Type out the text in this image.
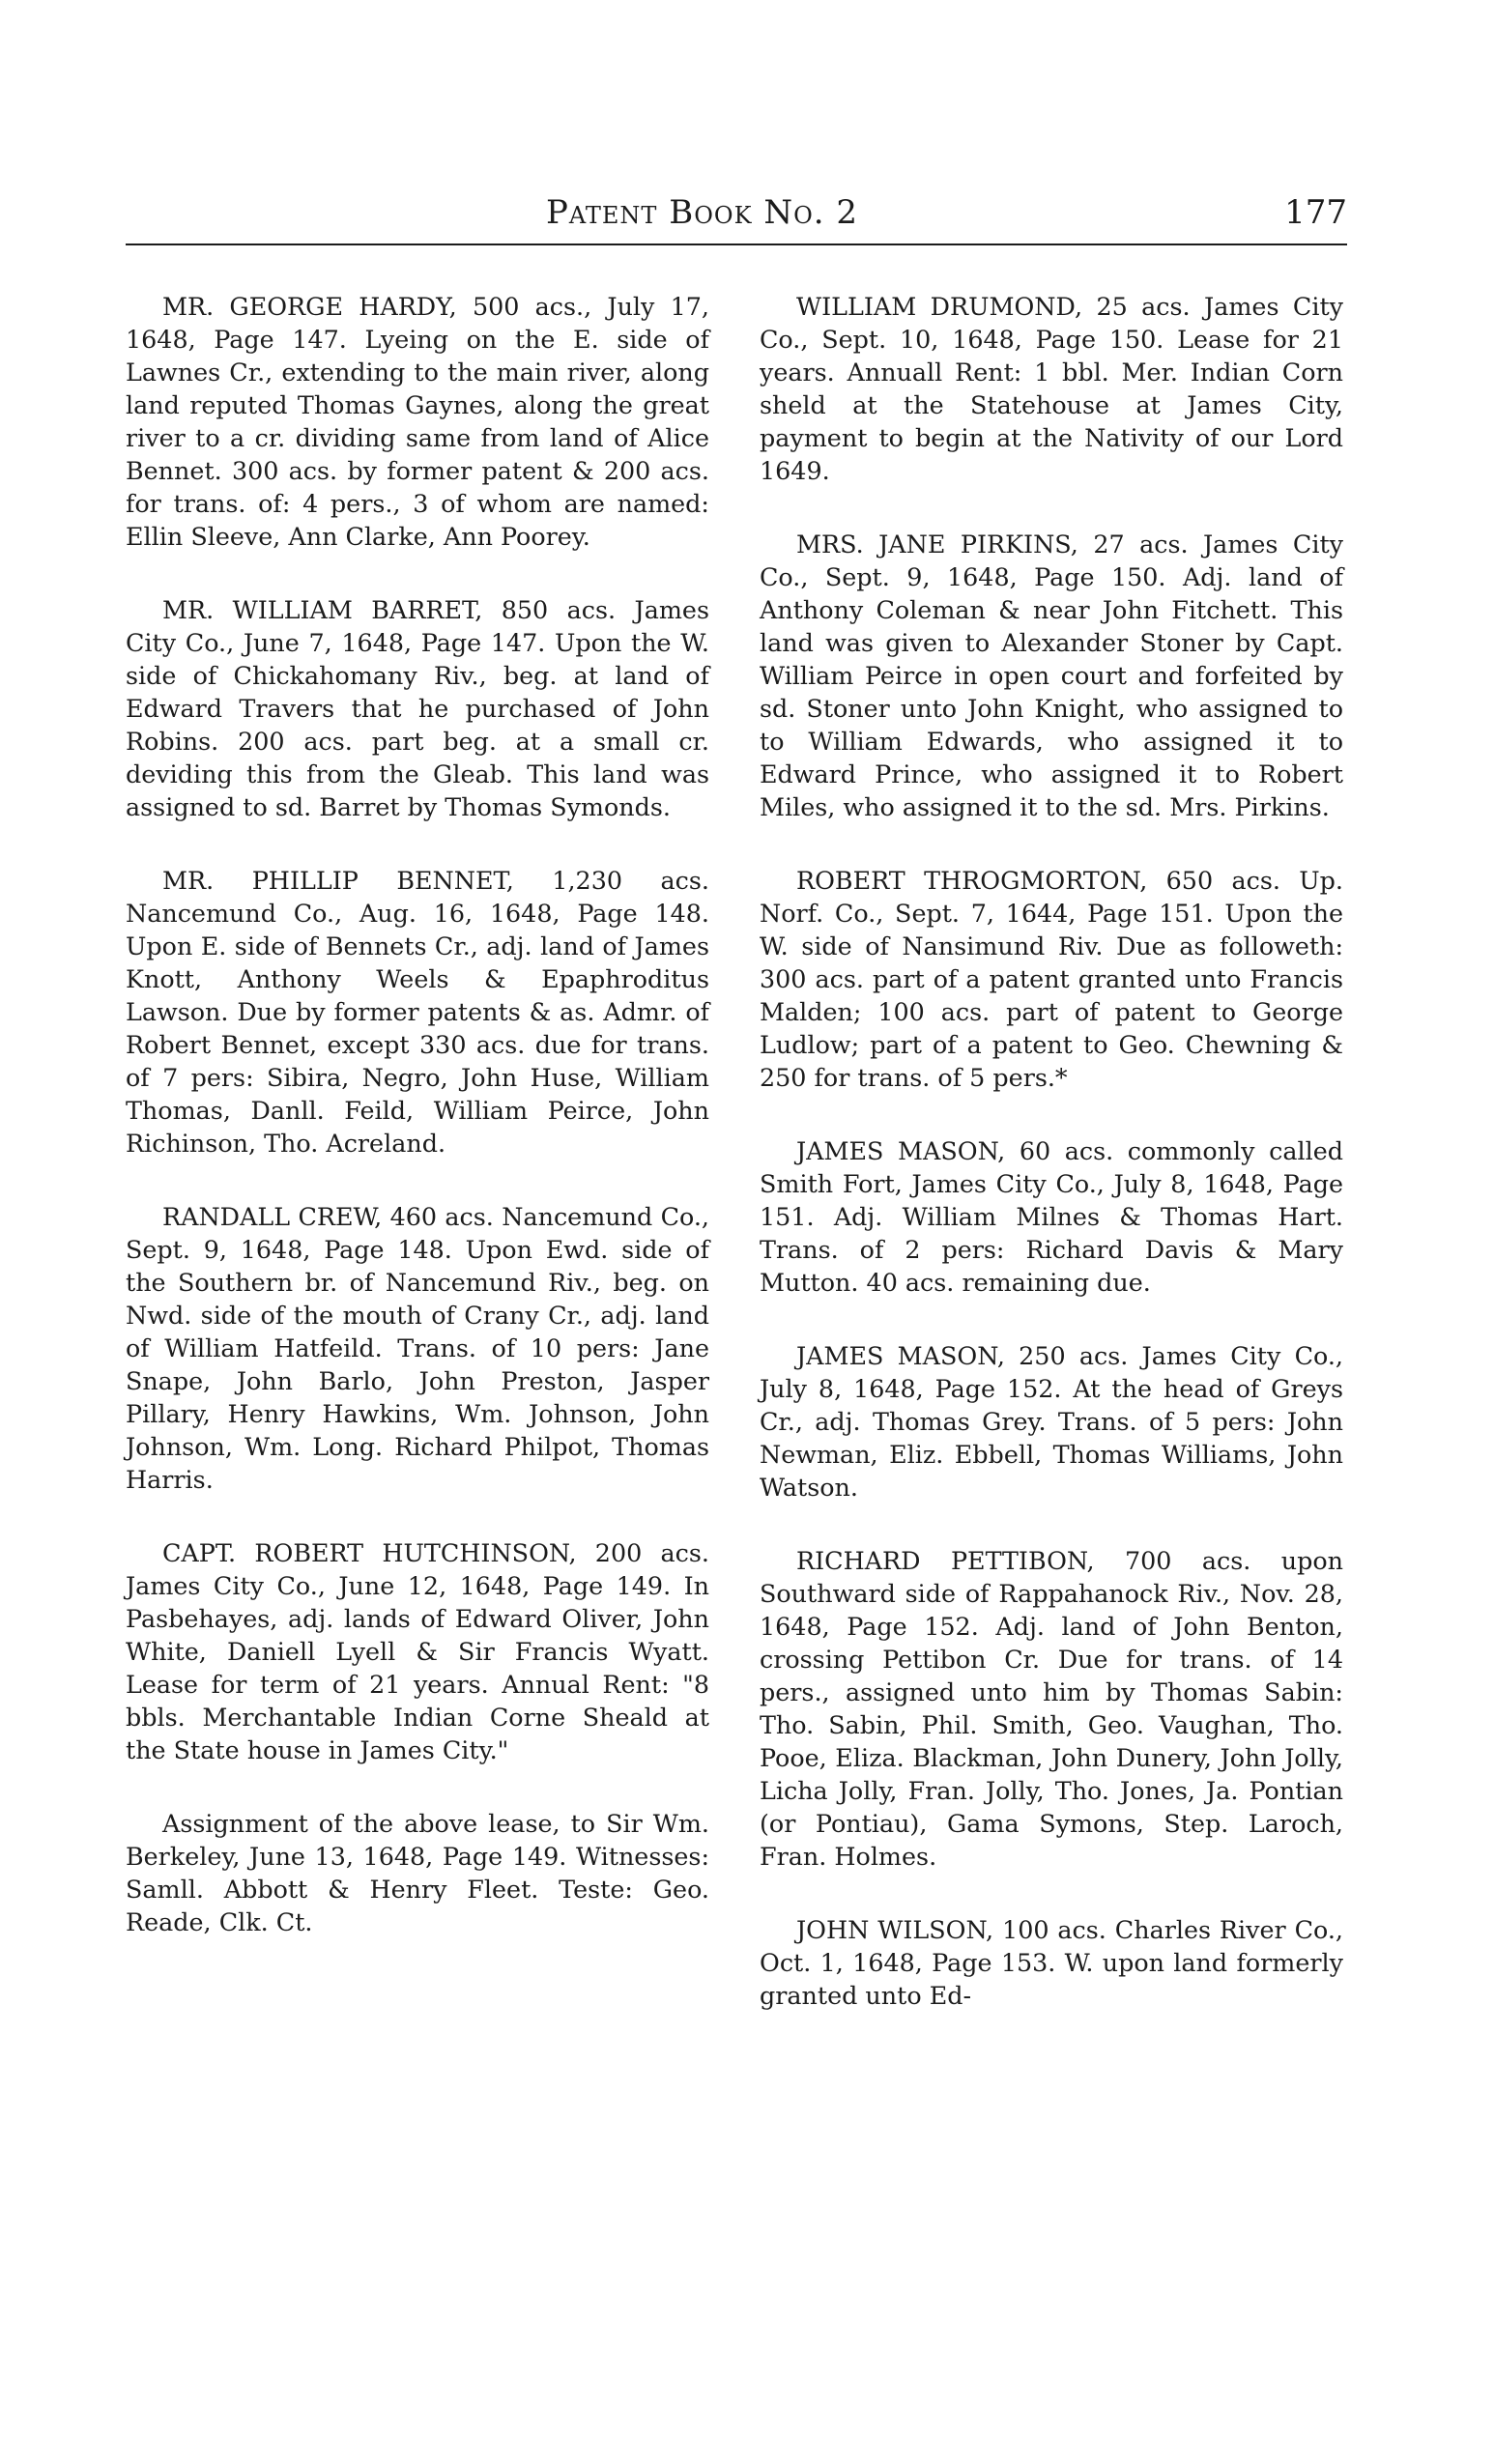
Patent Book No. 2	177

MR. GEORGE HARDY, 500 acs., July 17, 1648, Page 147. Lyeing on the E. side of Lawnes Cr., extending to the main river, along land reputed Thomas Gaynes, along the great river to a cr. dividing same from land of Alice Bennet. 300 acs. by former patent & 200 acs. for trans. of: 4 pers., 3 of whom are named: Ellin Sleeve, Ann Clarke, Ann Poorey.

MR. WILLIAM BARRET, 850 acs. James City Co., June 7, 1648, Page 147. Upon the W. side of Chickahomany Riv., beg. at land of Edward Travers that he purchased of John Robins. 200 acs. part beg. at a small cr. deviding this from the Gleab. This land was assigned to sd. Barret by Thomas Symonds.

MR. PHILLIP BENNET, 1,230 acs. Nancemund Co., Aug. 16, 1648, Page 148. Upon E. side of Bennets Cr., adj. land of James Knott, Anthony Weels & Epaphroditus Lawson. Due by former patents & as. Admr. of Robert Bennet, except 330 acs. due for trans. of 7 pers: Sibira, Negro, John Huse, William Thomas, Danll. Feild, William Peirce, John Richinson, Tho. Acreland.

RANDALL CREW, 460 acs. Nancemund Co., Sept. 9, 1648, Page 148. Upon Ewd. side of the Southern br. of Nancemund Riv., beg. on Nwd. side of the mouth of Crany Cr., adj. land of William Hatfeild. Trans. of 10 pers: Jane Snape, John Barlo, John Preston, Jasper Pillary, Henry Hawkins, Wm. Johnson, John Johnson, Wm. Long. Richard Philpot, Thomas Harris.

CAPT. ROBERT HUTCHINSON, 200 acs. James City Co., June 12, 1648, Page 149. In Pasbehayes, adj. lands of Edward Oliver, John White, Daniell Lyell & Sir Francis Wyatt. Lease for term of 21 years. Annual Rent: "8 bbls. Merchantable Indian Corne Sheald at the State house in James City."

Assignment of the above lease, to Sir Wm. Berkeley, June 13, 1648, Page 149. Witnesses: Samll. Abbott & Henry Fleet. Teste: Geo. Reade, Clk. Ct.

WILLIAM DRUMOND, 25 acs. James City Co., Sept. 10, 1648, Page 150. Lease for 21 years. Annuall Rent: 1 bbl. Mer. Indian Corn sheld at the Statehouse at James City, payment to begin at the Nativity of our Lord 1649.

MRS. JANE PIRKINS, 27 acs. James City Co., Sept. 9, 1648, Page 150. Adj. land of Anthony Coleman & near John Fitchett. This land was given to Alexander Stoner by Capt. William Peirce in open court and forfeited by sd. Stoner unto John Knight, who assigned to to William Edwards, who assigned it to Edward Prince, who assigned it to Robert Miles, who assigned it to the sd. Mrs. Pirkins.

ROBERT THROGMORTON, 650 acs. Up. Norf. Co., Sept. 7, 1644, Page 151. Upon the W. side of Nansimund Riv. Due as followeth: 300 acs. part of a patent granted unto Francis Malden; 100 acs. part of patent to George Ludlow; part of a patent to Geo. Chewning & 250 for trans. of 5 pers.*

JAMES MASON, 60 acs. commonly called Smith Fort, James City Co., July 8, 1648, Page 151. Adj. William Milnes & Thomas Hart. Trans. of 2 pers: Richard Davis & Mary Mutton. 40 acs. remaining due.

JAMES MASON, 250 acs. James City Co., July 8, 1648, Page 152. At the head of Greys Cr., adj. Thomas Grey. Trans. of 5 pers: John Newman, Eliz. Ebbell, Thomas Williams, John Watson.

RICHARD PETTIBON, 700 acs. upon Southward side of Rappahanock Riv., Nov. 28, 1648, Page 152. Adj. land of John Benton, crossing Pettibon Cr. Due for trans. of 14 pers., assigned unto him by Thomas Sabin: Tho. Sabin, Phil. Smith, Geo. Vaughan, Tho. Pooe, Eliza. Blackman, John Dunery, John Jolly, Licha Jolly, Fran. Jolly, Tho. Jones, Ja. Pontian (or Pontiau), Gama Symons, Step. Laroch, Fran. Holmes.

JOHN WILSON, 100 acs. Charles River Co., Oct. 1, 1648, Page 153. W. upon land formerly granted unto Ed-
